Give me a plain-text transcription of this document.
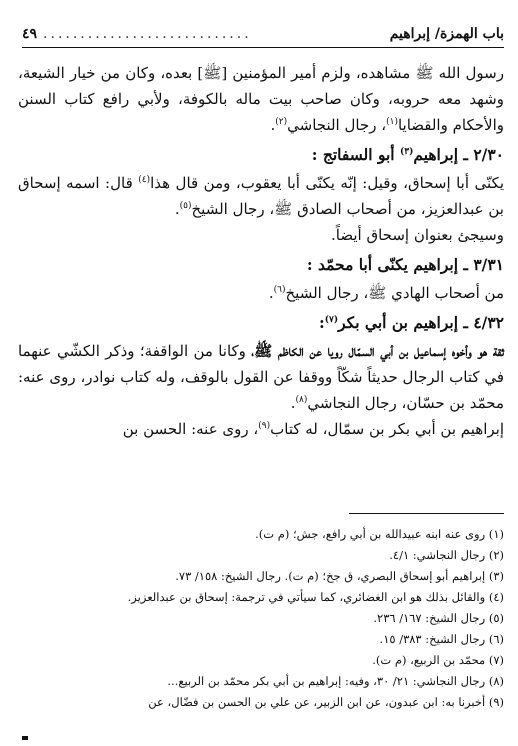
باب الهمزة/ إبراهيم
............................
٤٩

رسول الله ﷺ مشاهده، ولزم أمير المؤمنين [ﷺ] بعده، وكان من خيار الشيعة، وشهد معه حروبه، وكان صاحب بيت ماله بالكوفة، ولأبي رافع كتاب السنن والأحكام والقضايا$^{(١)}$، رجال النجاشي$^{(٢)}$.

٢/٣٠ ـ إبراهيم$^{(٣)}$ أبو السفاتج :

يكنّى أبا إسحاق، وقيل: إنّه يكنّى أبا يعقوب، ومن قال هذا$^{(٤)}$ قال: اسمه إسحاق بن عبدالعزيز، من أصحاب الصادق ﷺ، رجال الشيخ$^{(٥)}$.

وسيجئ بعنوان إسحاق أيضاً.

٣/٣١ ـ إبراهيم يكنّى أبا محمّد :

من أصحاب الهادي ﷺ، رجال الشيخ$^{(٦)}$.

٤/٣٢ ـ إبراهيم بن أبي بكر$^{(٧)}$:

ثقة هو وأخوه إسماعيل بن أبي السمّال رويا عن الكاظم ﷺ، وكانا من الواقفة؛ وذكر الكشّي عنهما في كتاب الرجال حديثاً شكّاً ووقفا عن القول بالوقف، وله كتاب نوادر، روى عنه: محمّد بن حسّان، رجال النجاشي$^{(٨)}$.

إبراهيم بن أبي بكر بن سمّال، له كتاب$^{(٩)}$، روى عنه: الحسن بن

(١) روى عنه ابنه عبيدالله بن أبي رافع، جش؛ (م ت).

(٢) رجال النجاشي: ٤/١.

(٣) إبراهيم أبو إسحاق البصري، ق جخ؛ (م ت). رجال الشيخ: ١٥٨/ ٧٣.

(٤) والقائل بذلك هو ابن الغضائري، كما سيأتي في ترجمة: إسحاق بن عبدالعزيز.

(٥) رجال الشيخ: ١٦٧/ ٢٣٦.

(٦) رجال الشيخ: ٣٨٣/ ١٥.

(٧) محمّد بن الربيع، (م ت).

(٨) رجال النجاشي: ٢١/ ٣٠، وفيه: إبراهيم بن أبي بكر محمّد بن الربيع...

(٩) أخبرنا به: ابن عبدون، عن ابن الزبير، عن علي بن الحسن بن فضّال، عن
